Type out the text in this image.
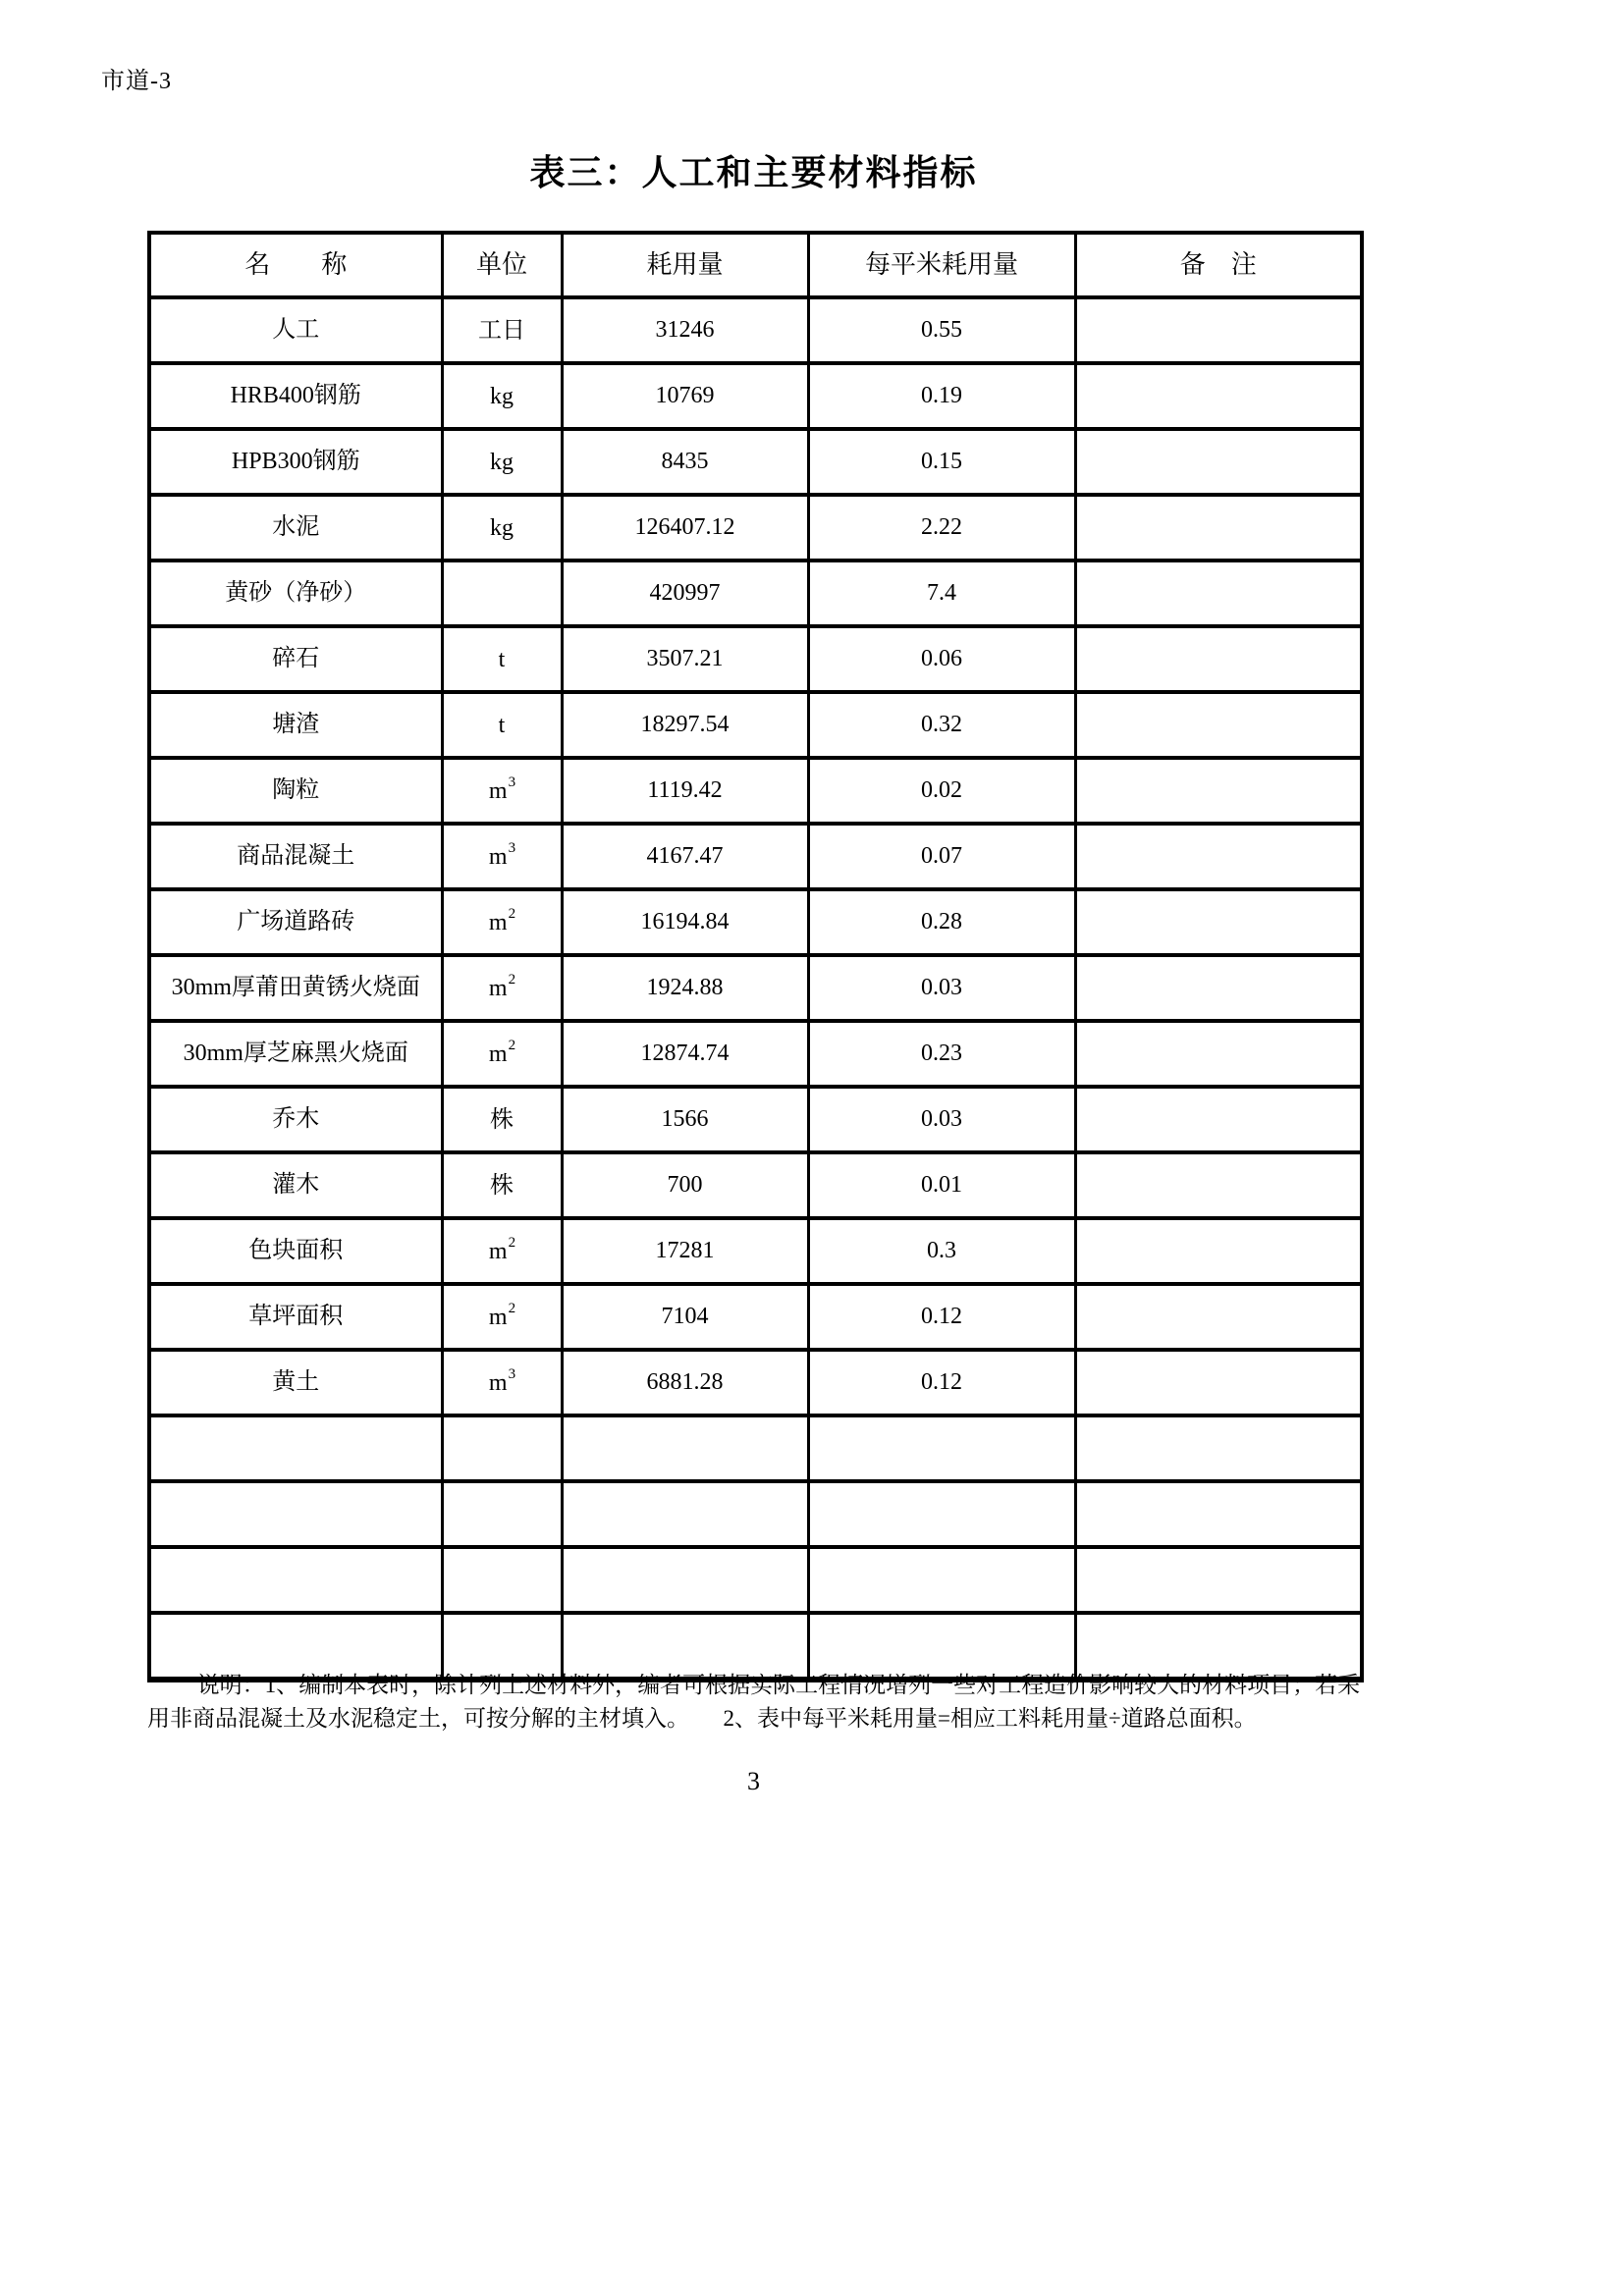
市道-3
表三：人工和主要材料指标
名　　称	单位	耗用量	每平米耗用量	备　注
人工	工日	31246	0.55	
HRB400钢筋	kg	10769	0.19	
HPB300钢筋	kg	8435	0.15	
水泥	kg	126407.12	2.22	
黄砂（净砂）		420997	7.4	
碎石	t	3507.21	0.06	
塘渣	t	18297.54	0.32	
陶粒	$m^3$	1119.42	0.02	
商品混凝土	$m^3$	4167.47	0.07	
广场道路砖	$m^2$	16194.84	0.28	
30mm厚莆田黄锈火烧面	$m^2$	1924.88	0.03	
30mm厚芝麻黑火烧面	$m^2$	12874.74	0.23	
乔木	株	1566	0.03	
灌木	株	700	0.01	
色块面积	$m^2$	17281	0.3	
草坪面积	$m^2$	7104	0.12	
黄土	$m^3$	6881.28	0.12	

说明：1、编制本表时，除计列上述材料外，编者可根据实际工程情况增列一些对工程造价影响较大的材料项目；若采
用非商品混凝土及水泥稳定土，可按分解的主材填入。　　2、表中每平米耗用量=相应工料耗用量÷道路总面积。
3
